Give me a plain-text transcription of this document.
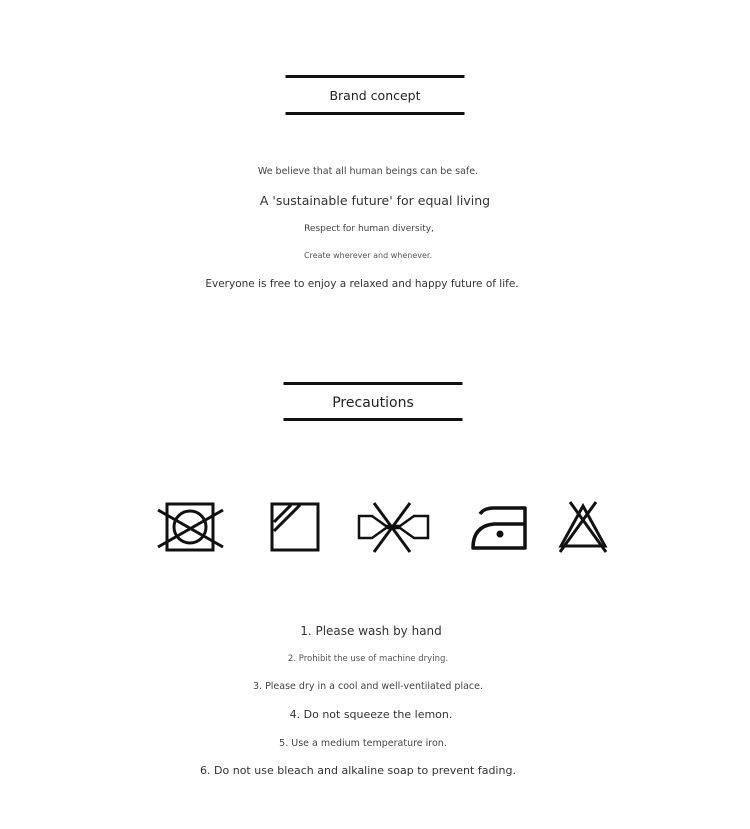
Brand concept
We believe that all human beings can be safe.
A 'sustainable future' for equal living
Respect for human diversity,
Create wherever and whenever.
Everyone is free to enjoy a relaxed and happy future of life.
Precautions
1. Please wash by hand
2. Prohibit the use of machine drying.
3. Please dry in a cool and well-ventilated place.
4. Do not squeeze the lemon.
5. Use a medium temperature iron.
6. Do not use bleach and alkaline soap to prevent fading.
